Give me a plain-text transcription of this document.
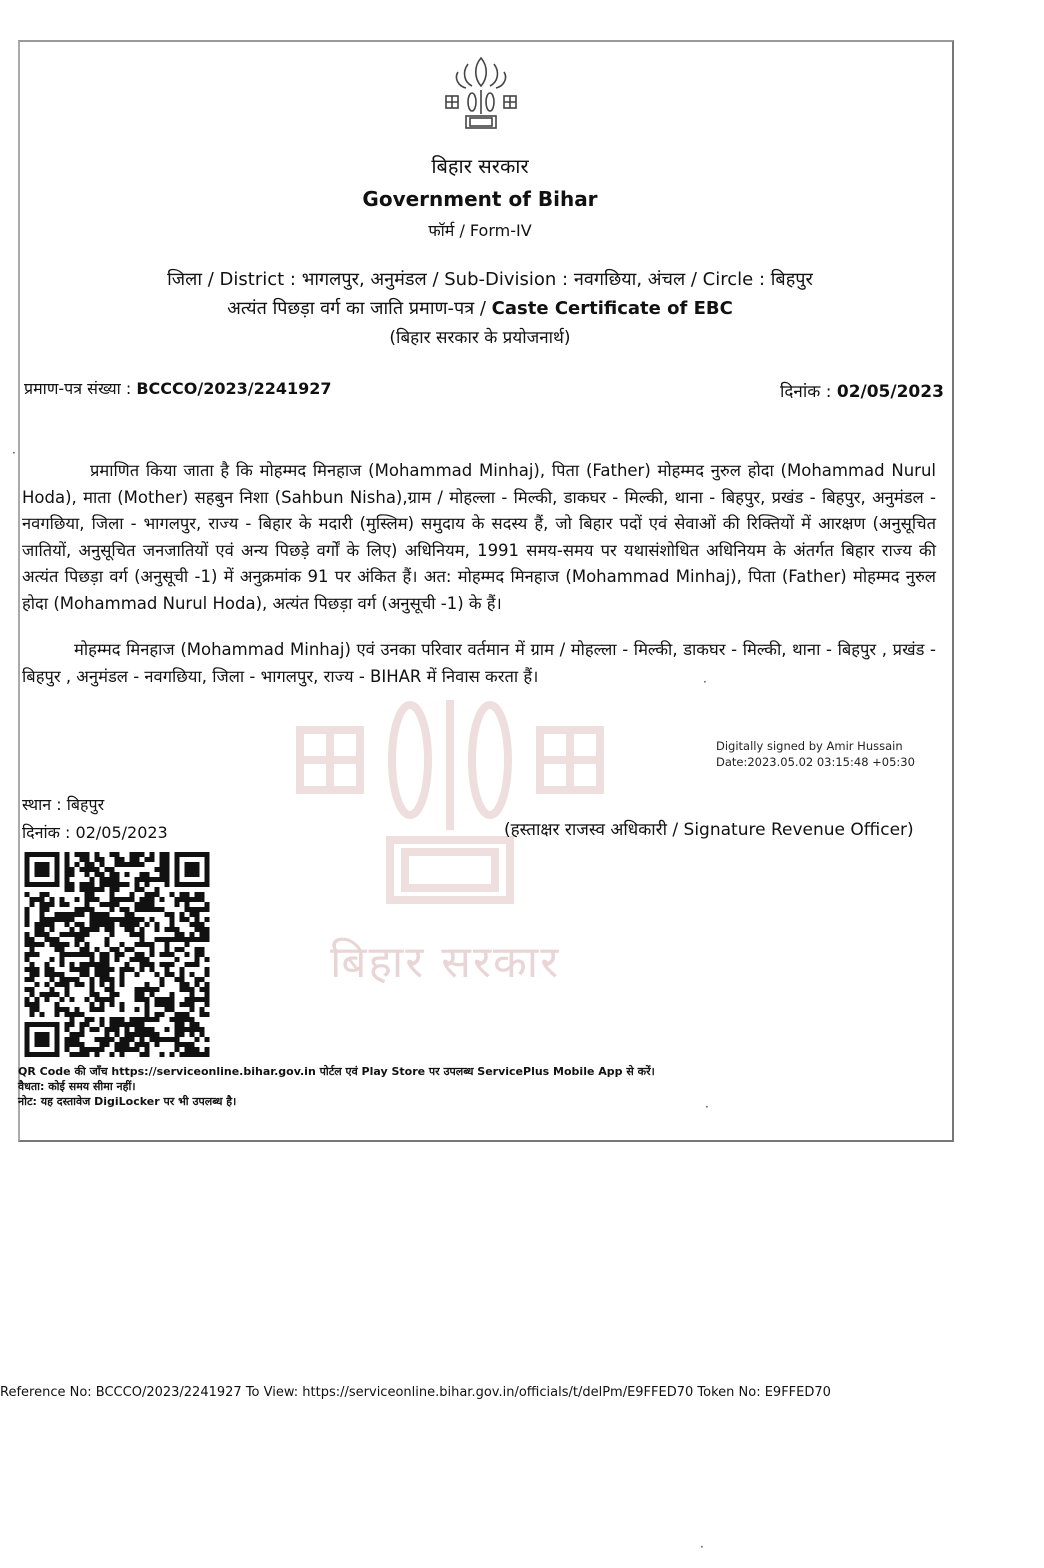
बिहार सरकार
बिहार सरकार
Government of Bihar
फॉर्म / Form-IV
जिला / District : भागलपुर, अनुमंडल / Sub-Division : नवगछिया, अंचल / Circle : बिहपुर
अत्यंत पिछड़ा वर्ग का जाति प्रमाण-पत्र / Caste Certificate of EBC
(बिहार सरकार के प्रयोजनार्थ)
प्रमाण-पत्र संख्या : BCCCO/2023/2241927	दिनांक : 02/05/2023
प्रमाणित किया जाता है कि मोहम्मद मिनहाज (Mohammad Minhaj), पिता (Father) मोहम्मद नुरुल होदा (Mohammad Nurul Hoda), माता (Mother) सहबुन निशा (Sahbun Nisha),ग्राम / मोहल्ला - मिल्की, डाकघर - मिल्की, थाना - बिहपुर, प्रखंड - बिहपुर, अनुमंडल - नवगछिया, जिला - भागलपुर, राज्य - बिहार के मदारी (मुस्लिम) समुदाय के सदस्य हैं, जो बिहार पदों एवं सेवाओं की रिक्तियों में आरक्षण (अनुसूचित जातियों, अनुसूचित जनजातियों एवं अन्य पिछड़े वर्गों के लिए) अधिनियम, 1991 समय-समय पर यथासंशोधित अधिनियम के अंतर्गत बिहार राज्य की अत्यंत पिछड़ा वर्ग (अनुसूची -1) में अनुक्रमांक 91 पर अंकित हैं। अत: मोहम्मद मिनहाज (Mohammad Minhaj), पिता (Father) मोहम्मद नुरुल होदा (Mohammad Nurul Hoda), अत्यंत पिछड़ा वर्ग (अनुसूची -1) के हैं।
मोहम्मद मिनहाज (Mohammad Minhaj) एवं उनका परिवार वर्तमान में ग्राम / मोहल्ला - मिल्की, डाकघर - मिल्की, थाना - बिहपुर , प्रखंड - बिहपुर , अनुमंडल - नवगछिया, जिला - भागलपुर, राज्य - BIHAR में निवास करता हैं।
Digitally signed by Amir Hussain
Date:2023.05.02 03:15:48 +05:30
स्थान : बिहपुर
दिनांक : 02/05/2023	(हस्ताक्षर राजस्व अधिकारी / Signature Revenue Officer)
QR Code की जाँच https://serviceonline.bihar.gov.in पोर्टल एवं Play Store पर उपलब्ध ServicePlus Mobile App से करें।
वैधता: कोई समय सीमा नहीं।
नोट: यह दस्तावेज DigiLocker पर भी उपलब्ध है।
Reference No: BCCCO/2023/2241927 To View: https://serviceonline.bihar.gov.in/officials/t/delPm/E9FFED70 Token No: E9FFED70
·
·
·
·
